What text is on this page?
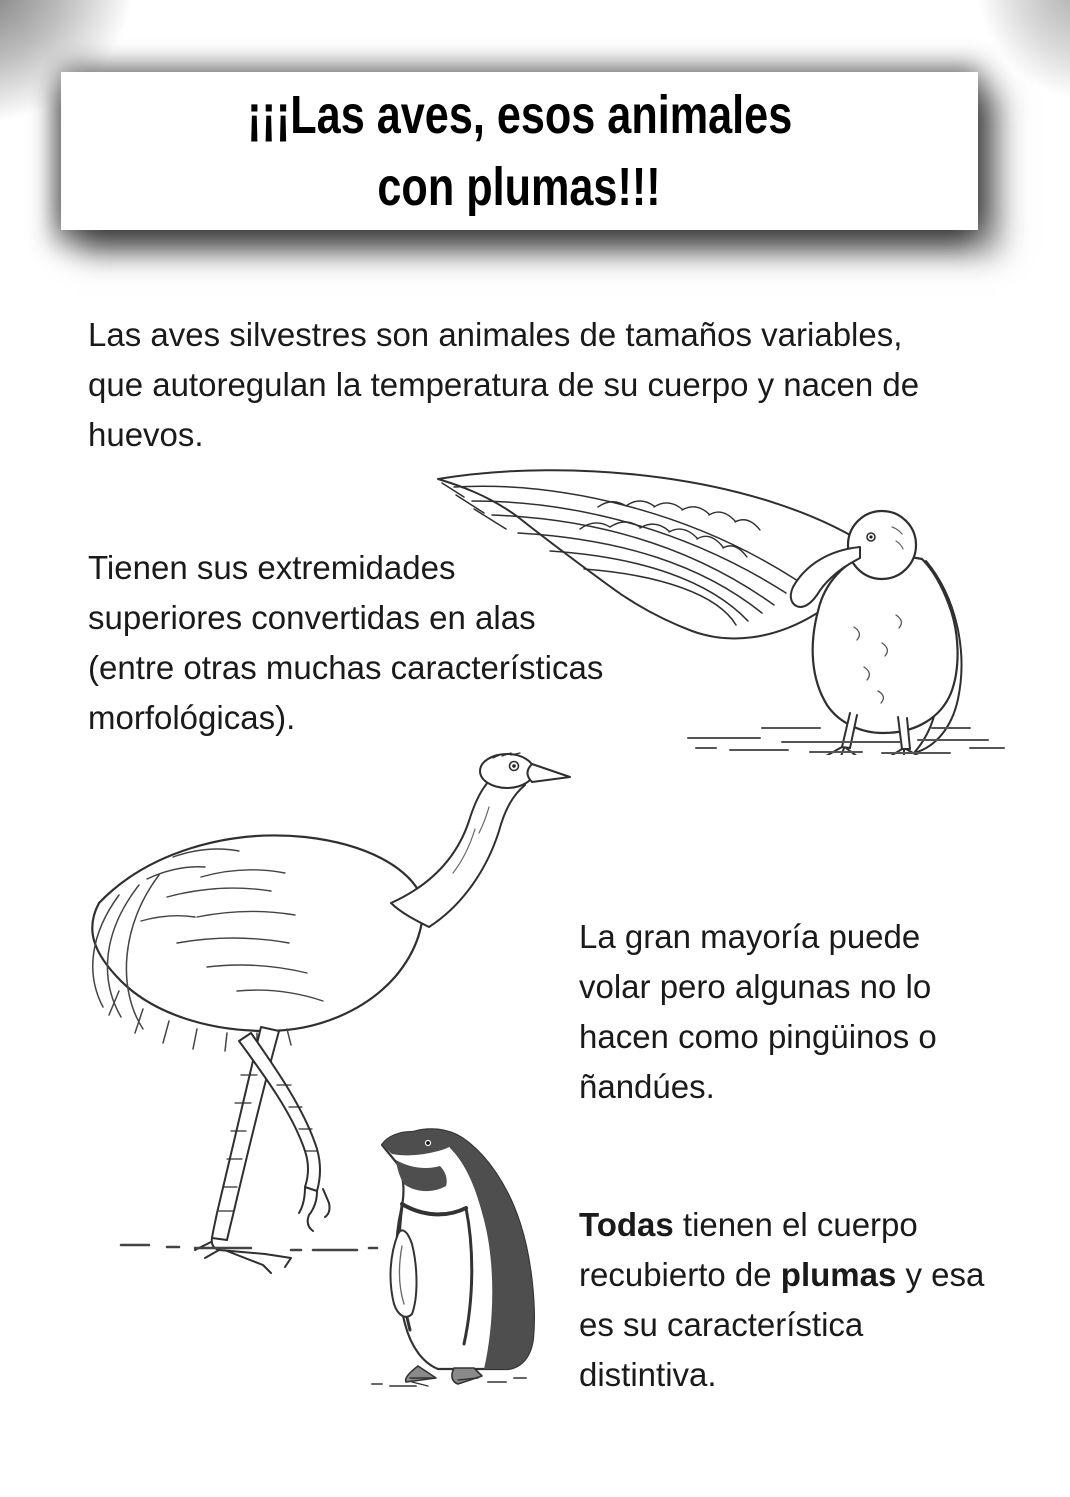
¡¡¡Las aves, esos animales
con plumas!!!
Las aves silvestres son animales de tamaños variables,
que autoregulan la temperatura de su cuerpo y nacen de
huevos.
Tienen sus extremidades
superiores convertidas en alas
(entre otras muchas características
morfológicas).
La gran mayoría puede
volar pero algunas no lo
hacen como pingüinos o
ñandúes.
Todas tienen el cuerpo
recubierto de plumas y esa
es su característica
distintiva.
